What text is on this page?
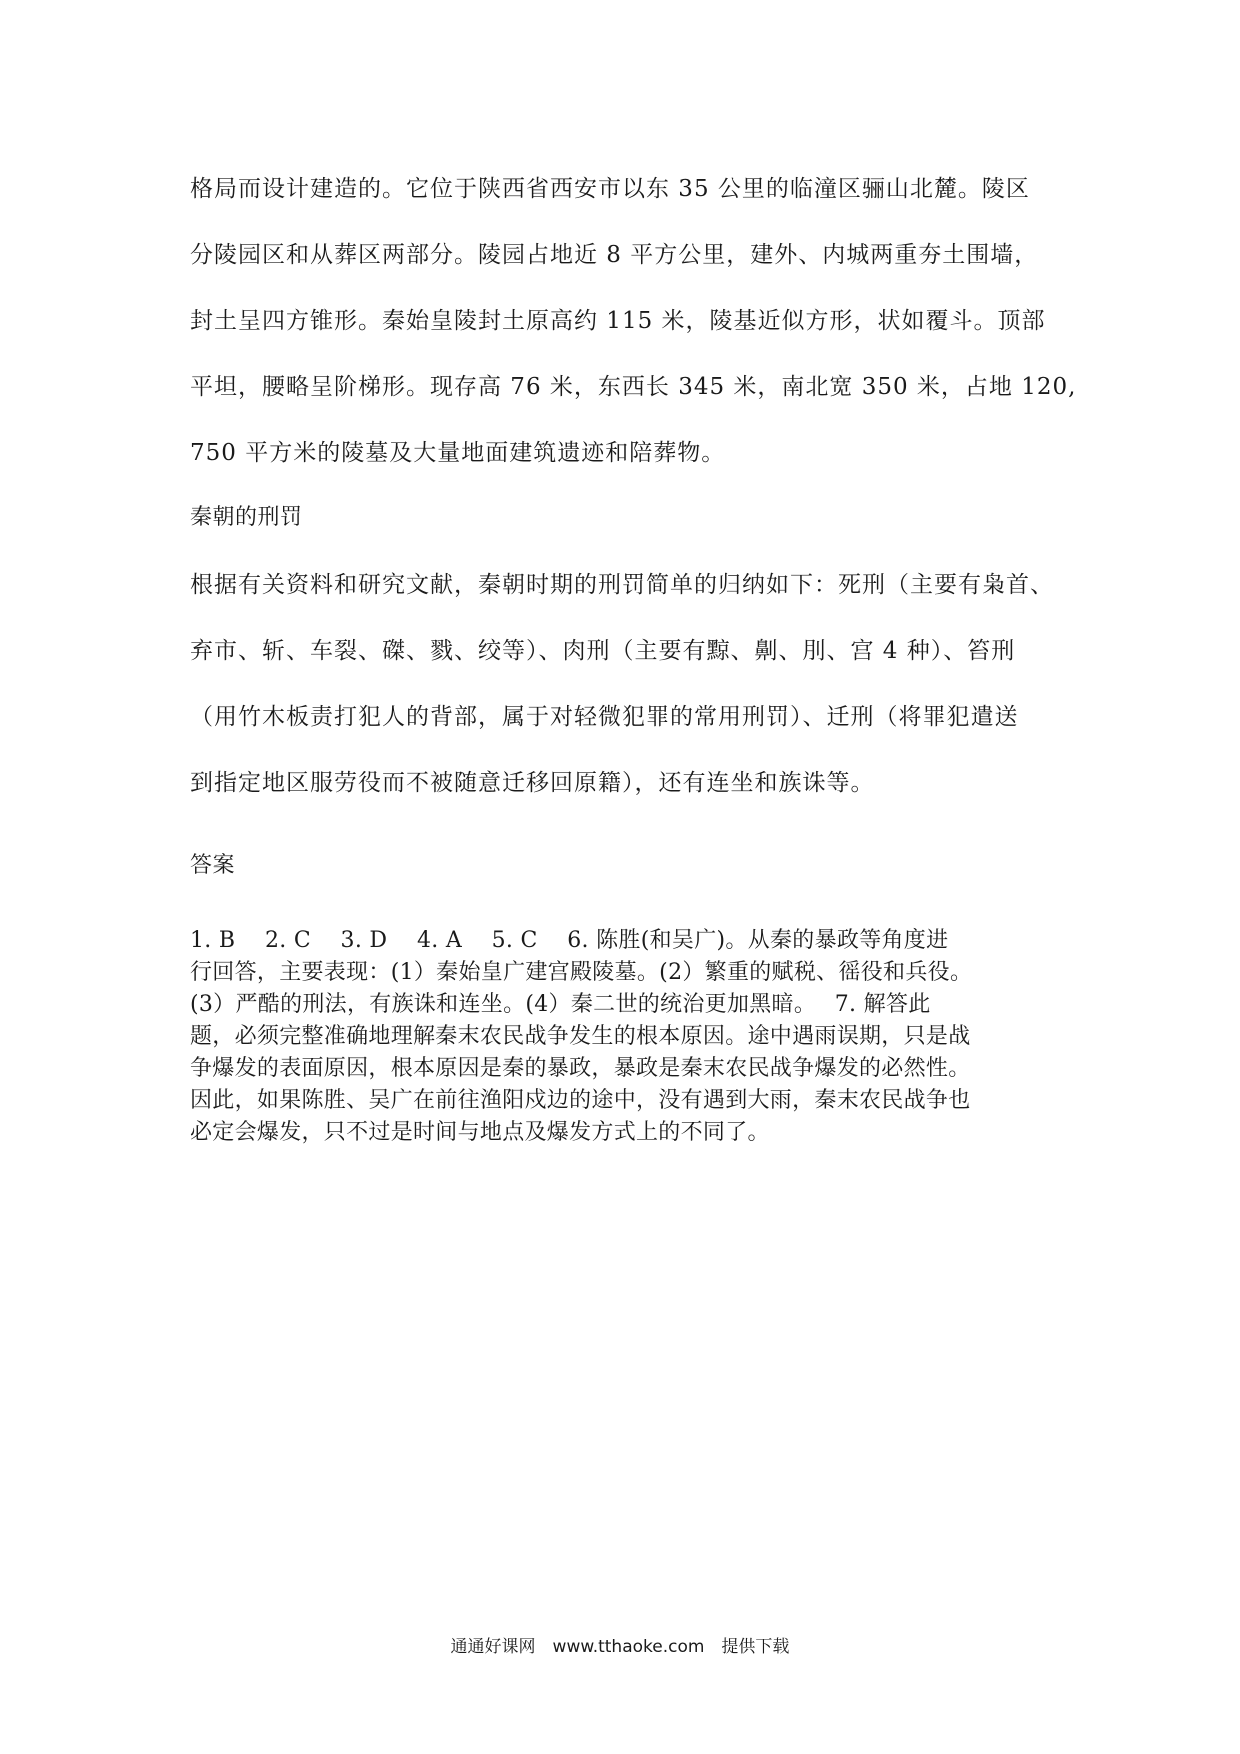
格局而设计建造的。它位于陕西省西安市以东 35 公里的临潼区骊山北麓。陵区
分陵园区和从葬区两部分。陵园占地近 8 平方公里，建外、内城两重夯土围墙，
封土呈四方锥形。秦始皇陵封土原高约 115 米，陵基近似方形，状如覆斗。顶部
平坦，腰略呈阶梯形。现存高 76 米，东西长 345 米，南北宽 350 米，占地 120,
750 平方米的陵墓及大量地面建筑遗迹和陪葬物。
秦朝的刑罚
根据有关资料和研究文献，秦朝时期的刑罚简单的归纳如下：死刑（主要有枭首、
弃市、斩、车裂、磔、戮、绞等）、肉刑（主要有黥、劓、刖、宫 4 种）、笞刑
（用竹木板责打犯人的背部，属于对轻微犯罪的常用刑罚）、迁刑（将罪犯遣送
到指定地区服劳役而不被随意迁移回原籍），还有连坐和族诛等。
答案
1. B　 2. C　 3. D　 4. A　 5. C　 6. 陈胜(和吴广)。从秦的暴政等角度进
行回答，主要表现：(1）秦始皇广建宫殿陵墓。(2）繁重的赋税、徭役和兵役。
(3）严酷的刑法，有族诛和连坐。(4）秦二世的统治更加黑暗。　 7. 解答此
题，必须完整准确地理解秦末农民战争发生的根本原因。途中遇雨误期，只是战
争爆发的表面原因，根本原因是秦的暴政，暴政是秦末农民战争爆发的必然性。
因此，如果陈胜、吴广在前往渔阳戍边的途中，没有遇到大雨，秦末农民战争也
必定会爆发，只不过是时间与地点及爆发方式上的不同了。
通通好课网　www.tthaoke.com　提供下载
